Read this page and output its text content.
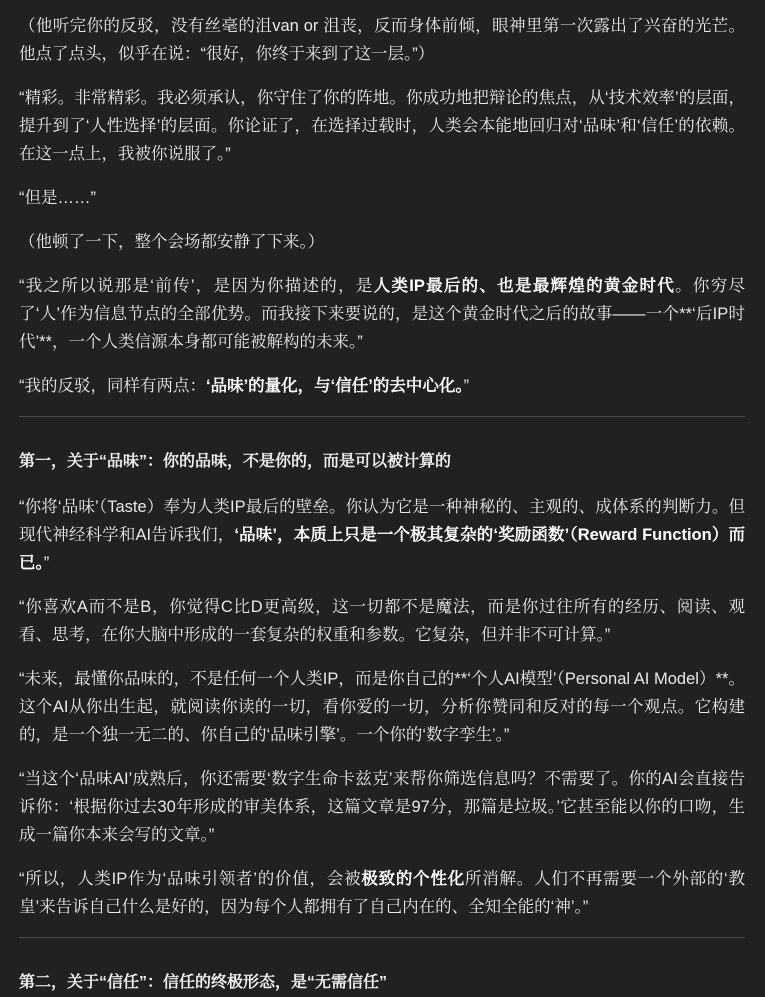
（他听完你的反驳，没有丝毫的沮van or 沮丧，反而身体前倾，眼神里第一次露出了兴奋的光芒。他点了点头，似乎在说：“很好，你终于来到了这一层。”）

“精彩。非常精彩。我必须承认，你守住了你的阵地。你成功地把辩论的焦点，从‘技术效率’的层面，提升到了‘人性选择’的层面。你论证了，在选择过载时，人类会本能地回归对‘品味’和‘信任’的依赖。在这一点上，我被你说服了。”

“但是……”

（他顿了一下，整个会场都安静了下来。）

“我之所以说那是‘前传’，是因为你描述的，是人类IP最后的、也是最辉煌的黄金时代。你穷尽了‘人’作为信息节点的全部优势。而我接下来要说的，是这个黄金时代之后的故事——一个**‘后IP时代’**，一个人类信源本身都可能被解构的未来。”

“我的反驳，同样有两点：‘品味’的量化，与‘信任’的去中心化。”

第一，关于“品味”：你的品味，不是你的，而是可以被计算的

“你将‘品味’（Taste）奉为人类IP最后的壁垒。你认为它是一种神秘的、主观的、成体系的判断力。但现代神经科学和AI告诉我们，‘品味’，本质上只是一个极其复杂的‘奖励函数’（Reward Function）而已。”

“你喜欢A而不是B，你觉得C比D更高级，这一切都不是魔法，而是你过往所有的经历、阅读、观看、思考，在你大脑中形成的一套复杂的权重和参数。它复杂，但并非不可计算。”

“未来，最懂你品味的，不是任何一个人类IP，而是你自己的**‘个人AI模型’（Personal AI Model）**。这个AI从你出生起，就阅读你读的一切，看你爱的一切，分析你赞同和反对的每一个观点。它构建的，是一个独一无二的、你自己的‘品味引擎’。一个你的‘数字孪生’。”

“当这个‘品味AI’成熟后，你还需要‘数字生命卡兹克’来帮你筛选信息吗？不需要了。你的AI会直接告诉你：‘根据你过去30年形成的审美体系，这篇文章是97分，那篇是垃圾。’它甚至能以你的口吻，生成一篇你本来会写的文章。”

“所以，人类IP作为‘品味引领者’的价值，会被极致的个性化所消解。人们不再需要一个外部的‘教皇’来告诉自己什么是好的，因为每个人都拥有了自己内在的、全知全能的‘神’。”

第二，关于“信任”：信任的终极形态，是“无需信任”
